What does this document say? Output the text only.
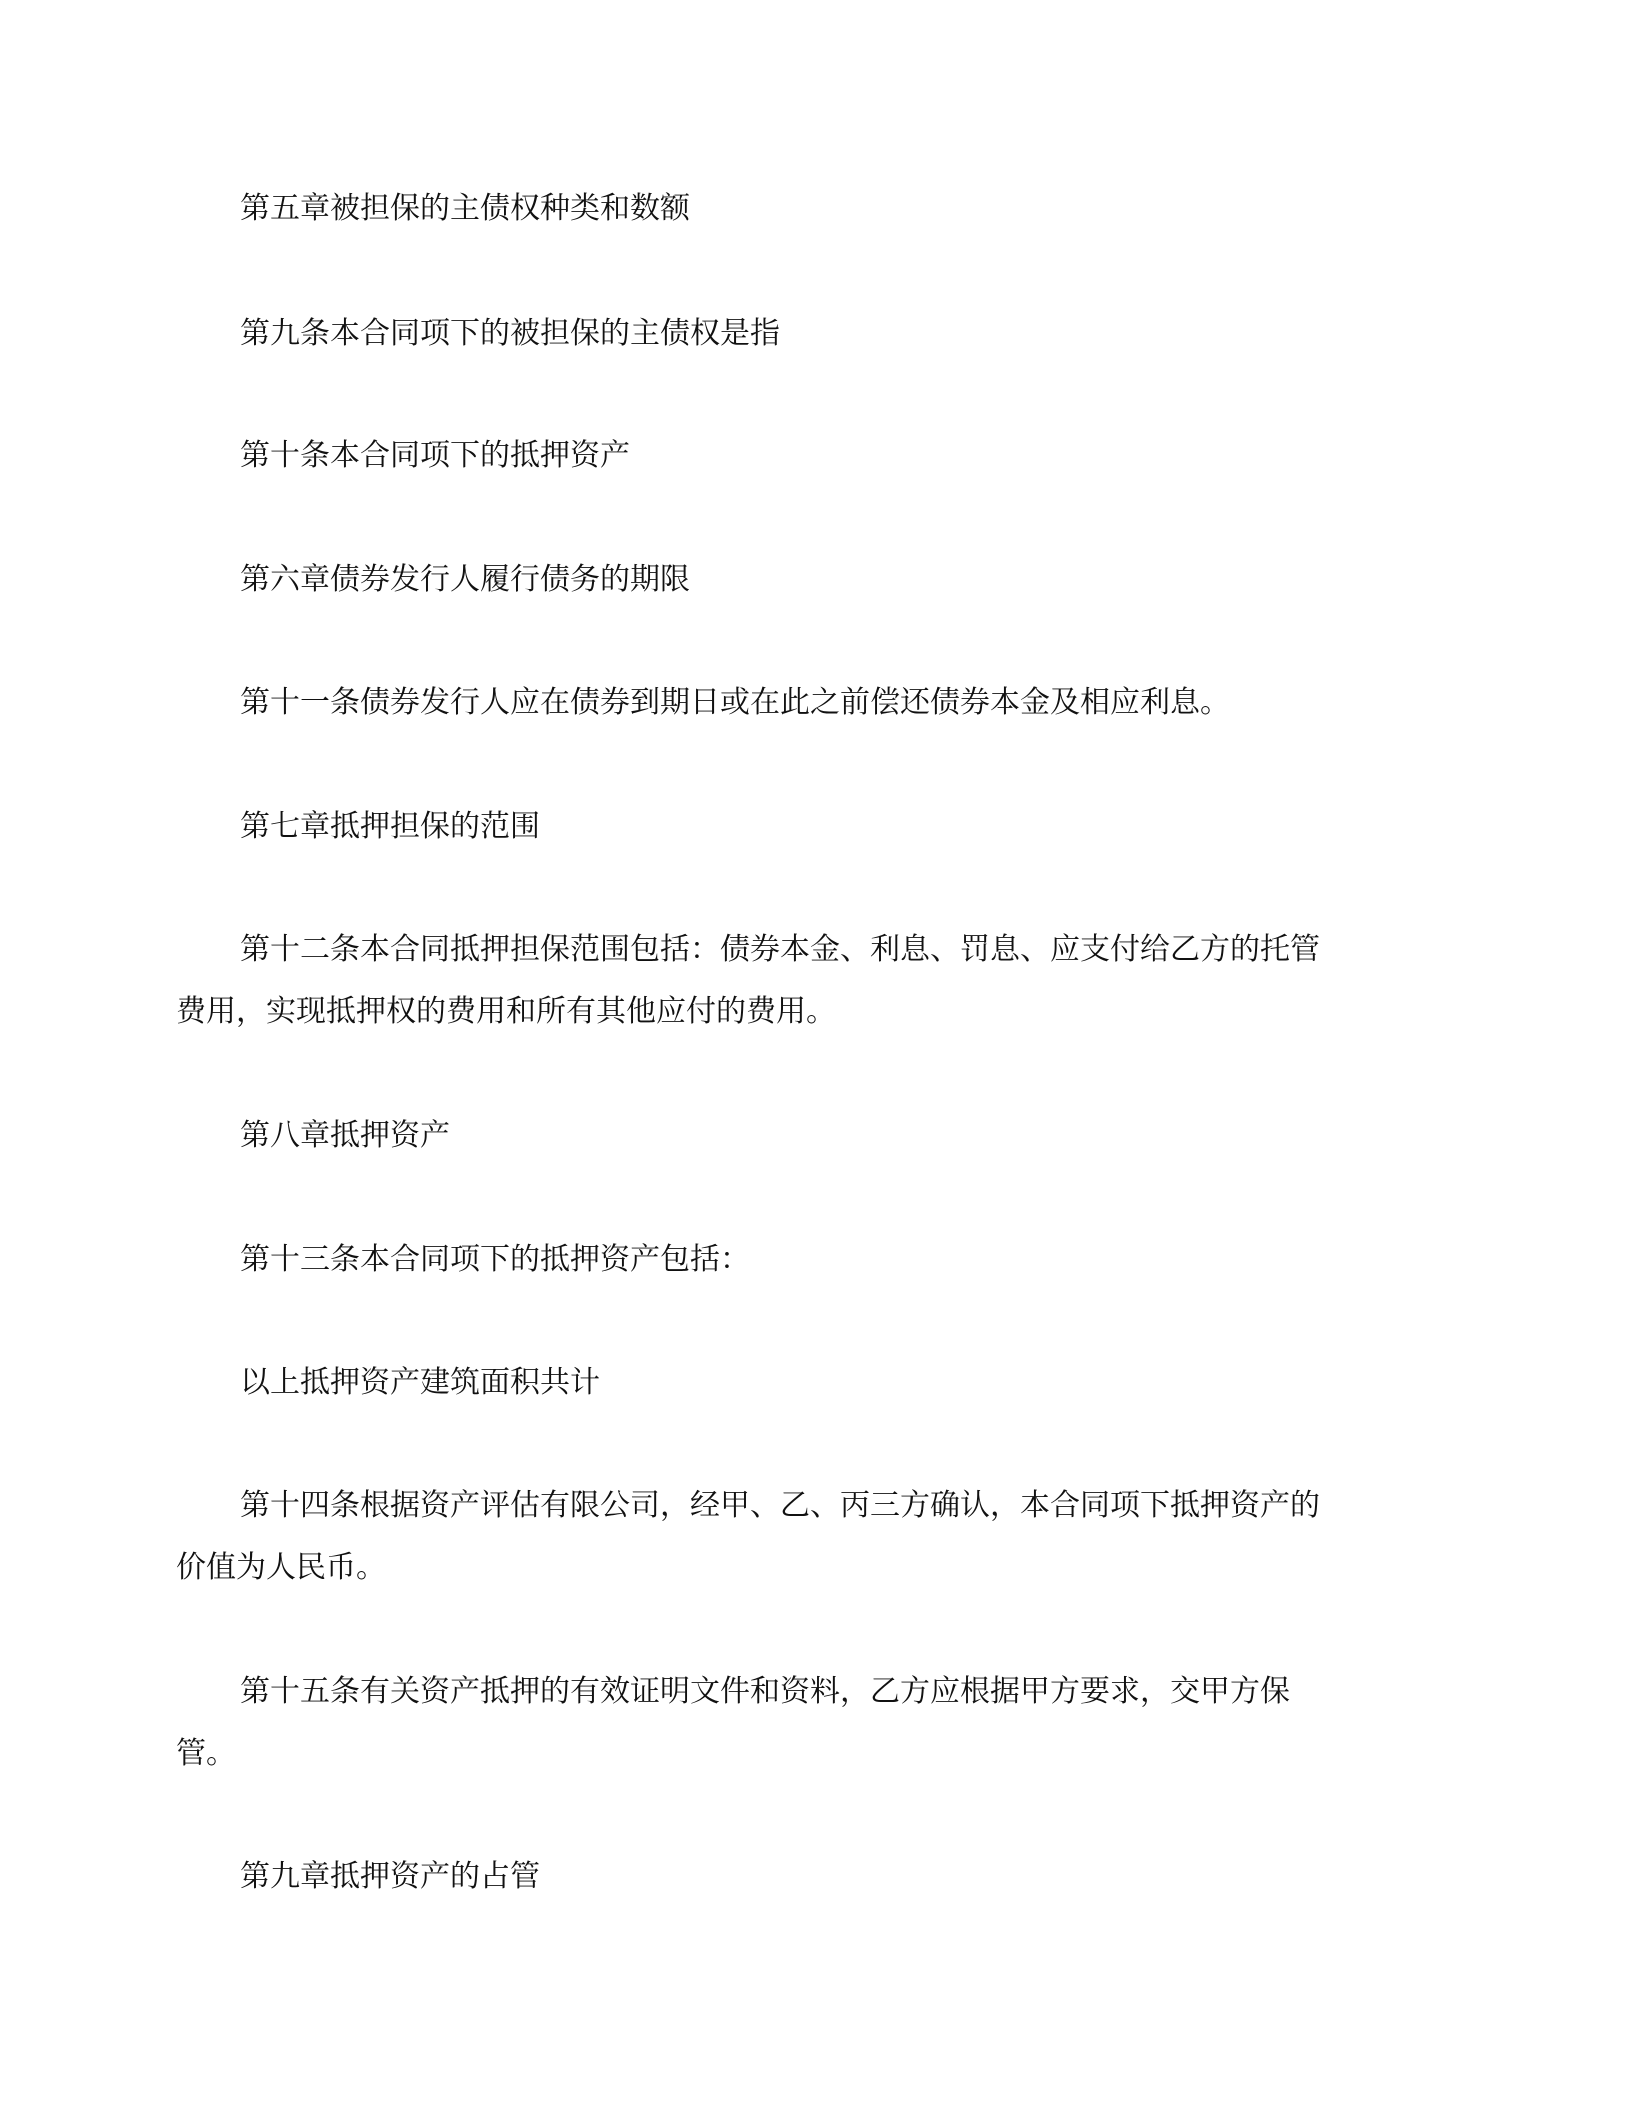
第五章被担保的主债权种类和数额
第九条本合同项下的被担保的主债权是指
第十条本合同项下的抵押资产
第六章债券发行人履行债务的期限
第十一条债券发行人应在债券到期日或在此之前偿还债券本金及相应利息。
第七章抵押担保的范围
第十二条本合同抵押担保范围包括：债券本金、利息、罚息、应支付给乙方的托管费用，实现抵押权的费用和所有其他应付的费用。
第八章抵押资产
第十三条本合同项下的抵押资产包括：
以上抵押资产建筑面积共计
第十四条根据资产评估有限公司，经甲、乙、丙三方确认，本合同项下抵押资产的价值为人民币。
第十五条有关资产抵押的有效证明文件和资料，乙方应根据甲方要求，交甲方保管。
第九章抵押资产的占管
